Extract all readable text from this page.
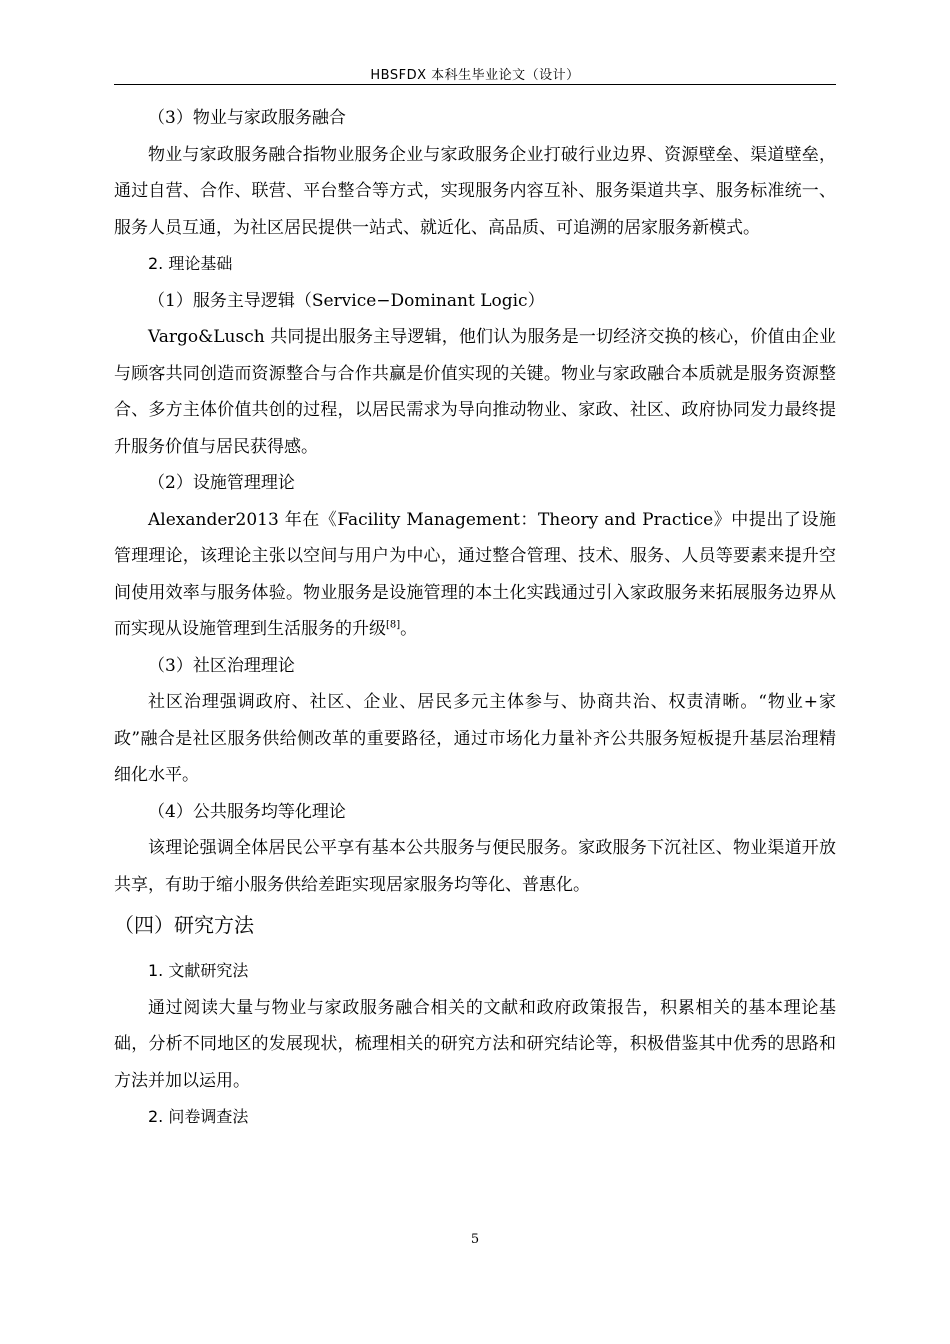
HBSFDX 本科生毕业论文（设计）

（3）物业与家政服务融合

物业与家政服务融合指物业服务企业与家政服务企业打破行业边界、资源壁垒、渠道壁垒，通过自营、合作、联营、平台整合等方式，实现服务内容互补、服务渠道共享、服务标准统一、服务人员互通，为社区居民提供一站式、就近化、高品质、可追溯的居家服务新模式。

2. 理论基础

（1）服务主导逻辑（Service−Dominant Logic）

Vargo&Lusch 共同提出服务主导逻辑，他们认为服务是一切经济交换的核心，价值由企业与顾客共同创造而资源整合与合作共赢是价值实现的关键。物业与家政融合本质就是服务资源整合、多方主体价值共创的过程，以居民需求为导向推动物业、家政、社区、政府协同发力最终提升服务价值与居民获得感。

（2）设施管理理论

Alexander2013 年在《Facility Management：Theory and Practice》中提出了设施管理理论，该理论主张以空间与用户为中心，通过整合管理、技术、服务、人员等要素来提升空间使用效率与服务体验。物业服务是设施管理的本土化实践通过引入家政服务来拓展服务边界从而实现从设施管理到生活服务的升级[8]。

（3）社区治理理论

社区治理强调政府、社区、企业、居民多元主体参与、协商共治、权责清晰。“物业+家政”融合是社区服务供给侧改革的重要路径，通过市场化力量补齐公共服务短板提升基层治理精细化水平。

（4）公共服务均等化理论

该理论强调全体居民公平享有基本公共服务与便民服务。家政服务下沉社区、物业渠道开放共享，有助于缩小服务供给差距实现居家服务均等化、普惠化。

（四）研究方法

1. 文献研究法

通过阅读大量与物业与家政服务融合相关的文献和政府政策报告，积累相关的基本理论基础，分析不同地区的发展现状，梳理相关的研究方法和研究结论等，积极借鉴其中优秀的思路和方法并加以运用。

2. 问卷调查法

5
